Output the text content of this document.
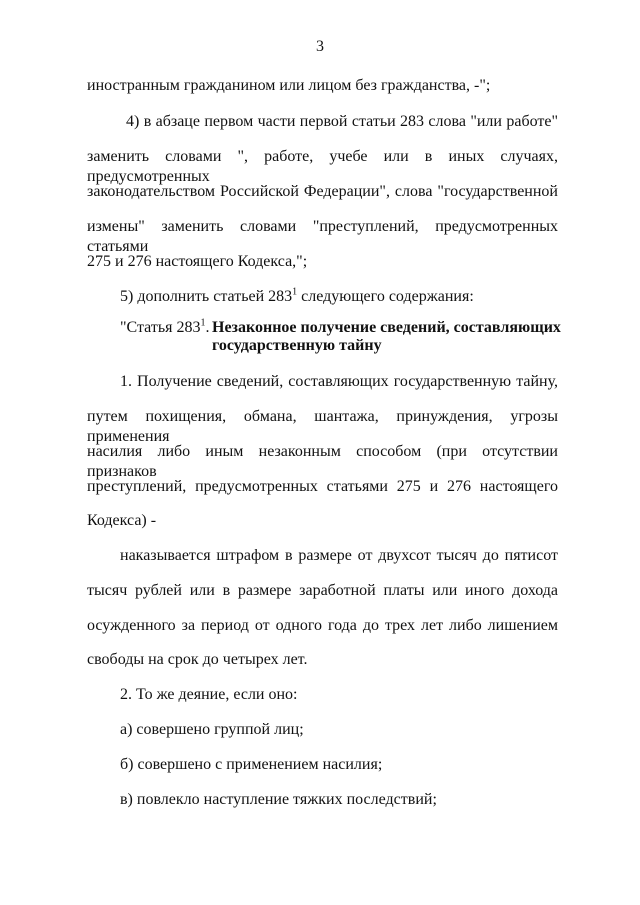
3
иностранным гражданином или лицом без гражданства, -";
4) в абзаце первом части первой статьи 283 слова "или работе"
заменить словами ", работе, учебе или в иных случаях, предусмотренных
законодательством Российской Федерации", слова "государственной
измены" заменить словами "преступлений, предусмотренных статьями
275 и 276 настоящего Кодекса,";
5) дополнить статьей $283^1$ следующего содержания:
"Статья $283^1$. Незаконное получение сведений, составляющих
государственную тайну
1. Получение сведений, составляющих государственную тайну,
путем похищения, обмана, шантажа, принуждения, угрозы применения
насилия либо иным незаконным способом (при отсутствии признаков
преступлений, предусмотренных статьями 275 и 276 настоящего
Кодекса) -
наказывается штрафом в размере от двухсот тысяч до пятисот
тысяч рублей или в размере заработной платы или иного дохода
осужденного за период от одного года до трех лет либо лишением
свободы на срок до четырех лет.
2. То же деяние, если оно:
а) совершено группой лиц;
б) совершено с применением насилия;
в) повлекло наступление тяжких последствий;
